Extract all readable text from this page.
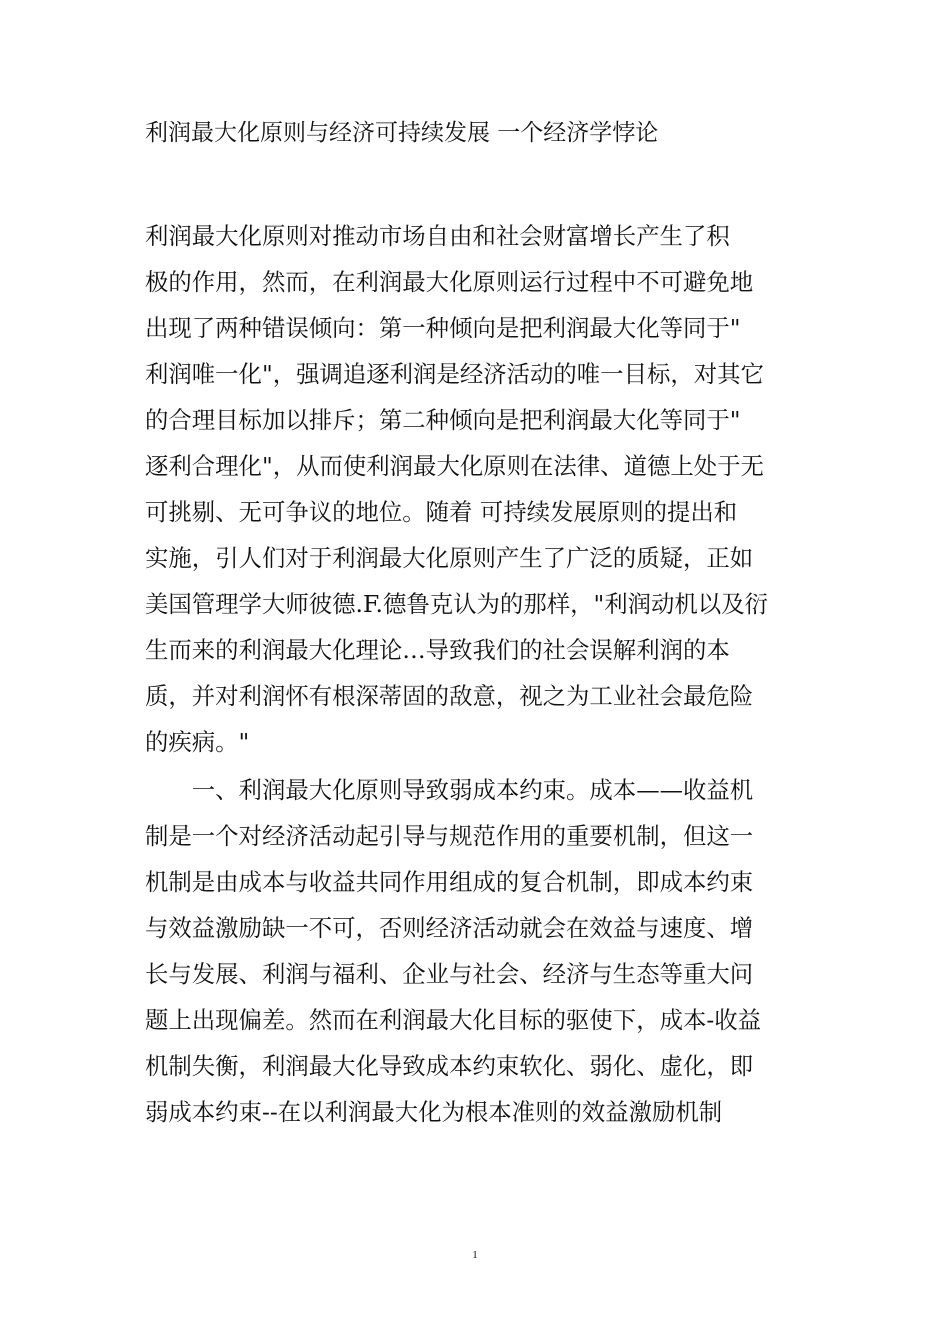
利润最大化原则与经济可持续发展 一个经济学悖论
利润最大化原则对推动市场自由和社会财富增长产生了积
极的作用，然而，在利润最大化原则运行过程中不可避免地
出现了两种错误倾向：第一种倾向是把利润最大化等同于"
利润唯一化"，强调追逐利润是经济活动的唯一目标，对其它
的合理目标加以排斥；第二种倾向是把利润最大化等同于"
逐利合理化"，从而使利润最大化原则在法律、道德上处于无
可挑剔、无可争议的地位。随着 可持续发展原则的提出和
实施，引人们对于利润最大化原则产生了广泛的质疑，正如
美国管理学大师彼德.F.德鲁克认为的那样，"利润动机以及衍
生而来的利润最大化理论…导致我们的社会误解利润的本
质，并对利润怀有根深蒂固的敌意，视之为工业社会最危险
的疾病。"
　　一、利润最大化原则导致弱成本约束。成本——收益机
制是一个对经济活动起引导与规范作用的重要机制，但这一
机制是由成本与收益共同作用组成的复合机制，即成本约束
与效益激励缺一不可，否则经济活动就会在效益与速度、增
长与发展、利润与福利、企业与社会、经济与生态等重大问
题上出现偏差。然而在利润最大化目标的驱使下，成本-收益
机制失衡，利润最大化导致成本约束软化、弱化、虚化，即
弱成本约束--在以利润最大化为根本准则的效益激励机制
1
